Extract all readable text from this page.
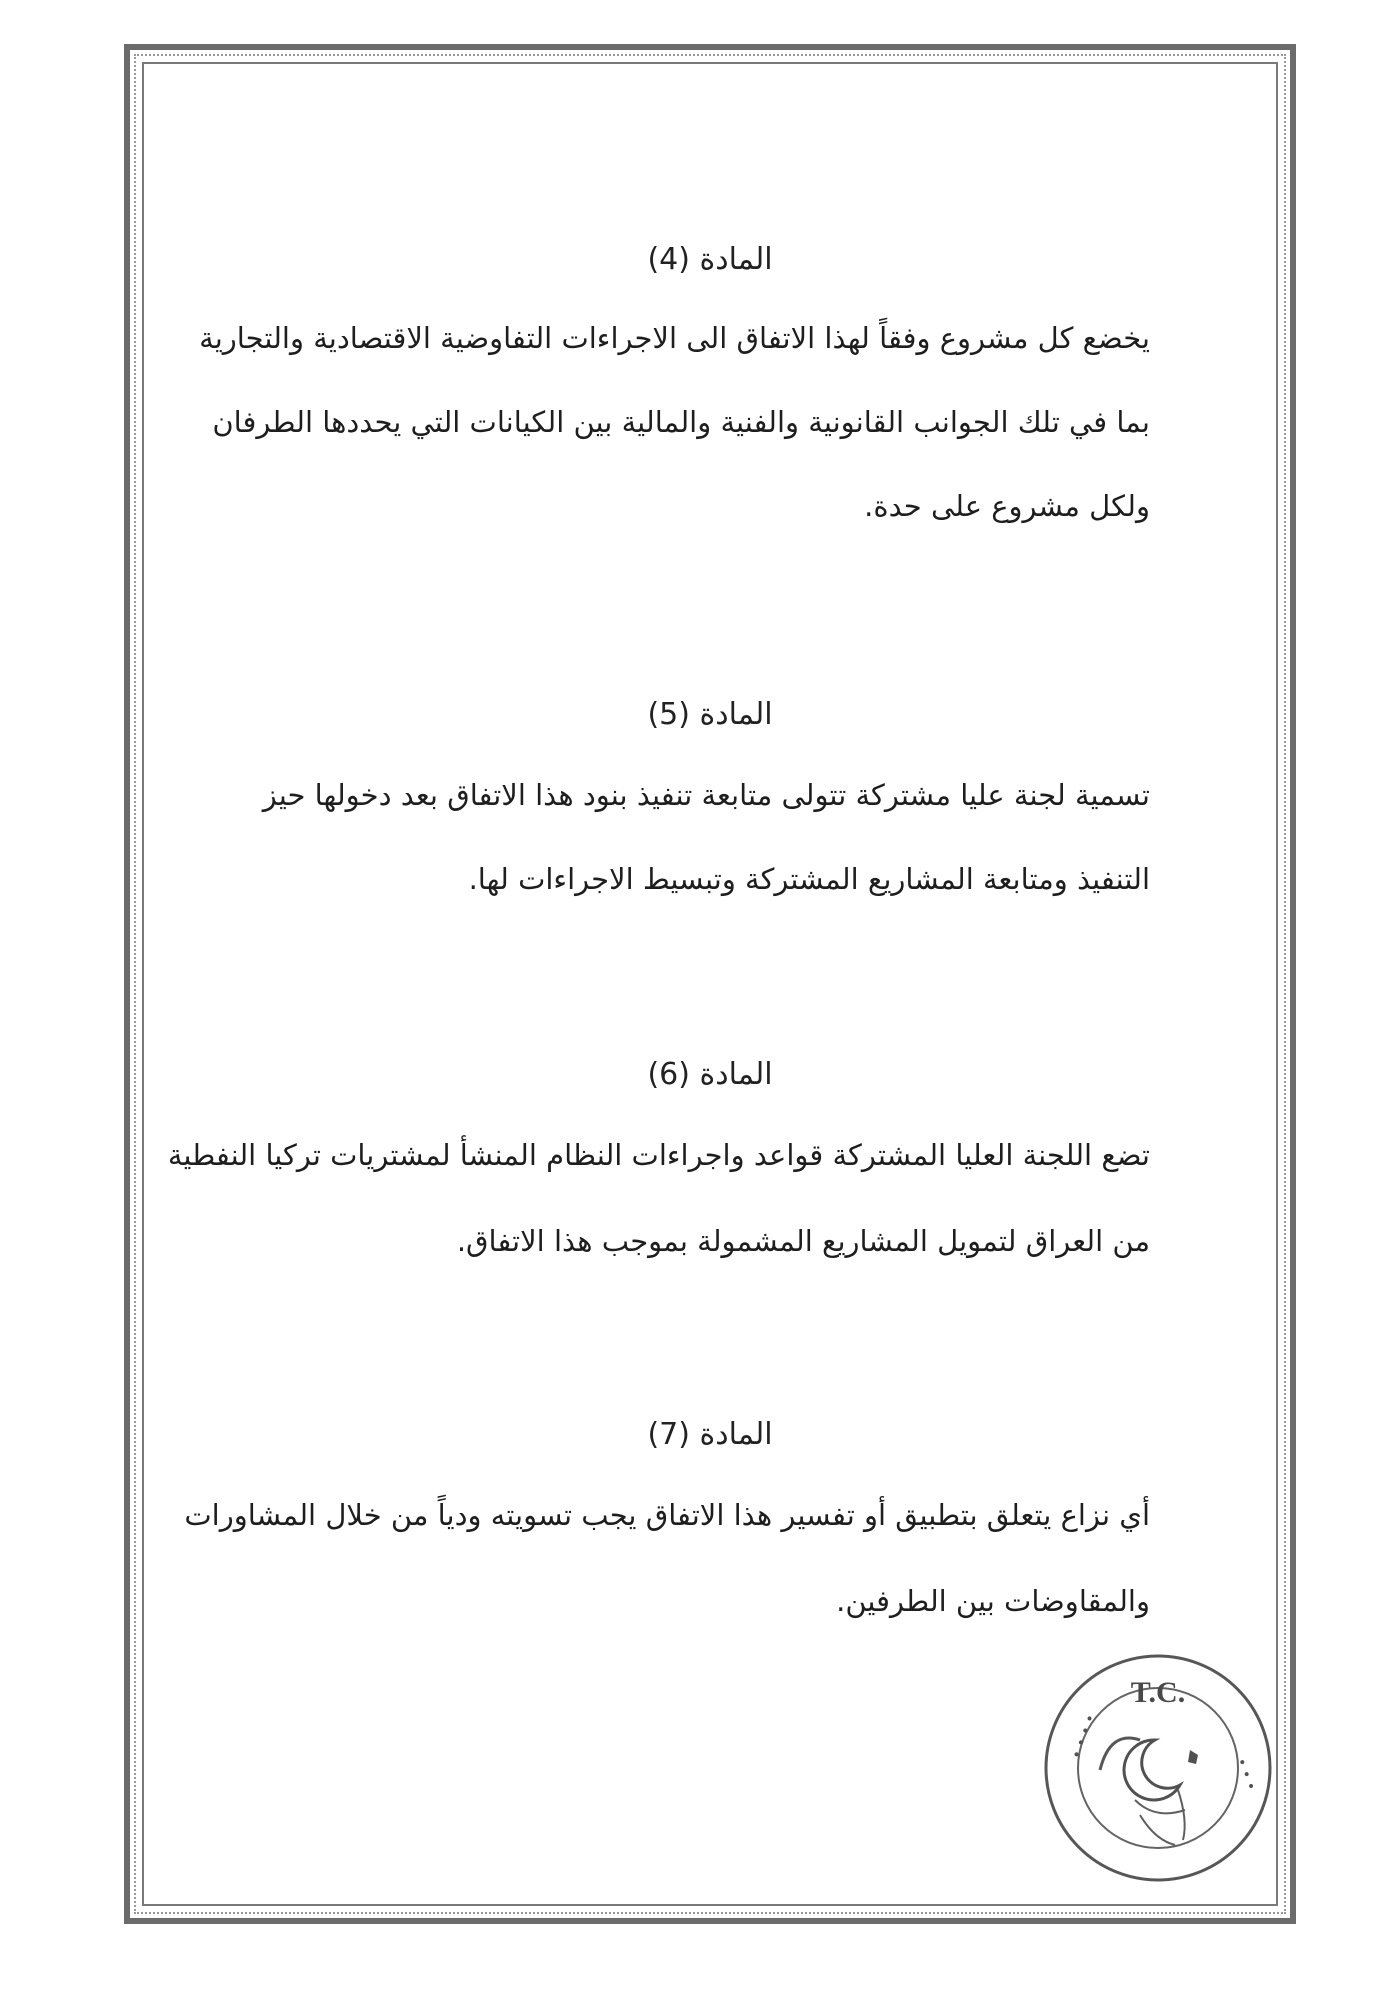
المادة (4)

يخضع كل مشروع وفقاً لهذا الاتفاق الى الاجراءات التفاوضية الاقتصادية والتجارية

بما في تلك الجوانب القانونية والفنية والمالية بين الكيانات التي يحددها الطرفان

ولكل مشروع على حدة.

المادة (5)

تسمية لجنة عليا مشتركة تتولى متابعة تنفيذ بنود هذا الاتفاق بعد دخولها حيز

التنفيذ ومتابعة المشاريع المشتركة وتبسيط الاجراءات لها.

المادة (6)

تضع اللجنة العليا المشتركة قواعد واجراءات النظام المنشأ لمشتريات تركيا النفطية

من العراق لتمويل المشاريع المشمولة بموجب هذا الاتفاق.

المادة (7)

أي نزاع يتعلق بتطبيق أو تفسير هذا الاتفاق يجب تسويته ودياً من خلال المشاورات

والمقاوضات بين الطرفين.

T.C.
• • • •
• • •
